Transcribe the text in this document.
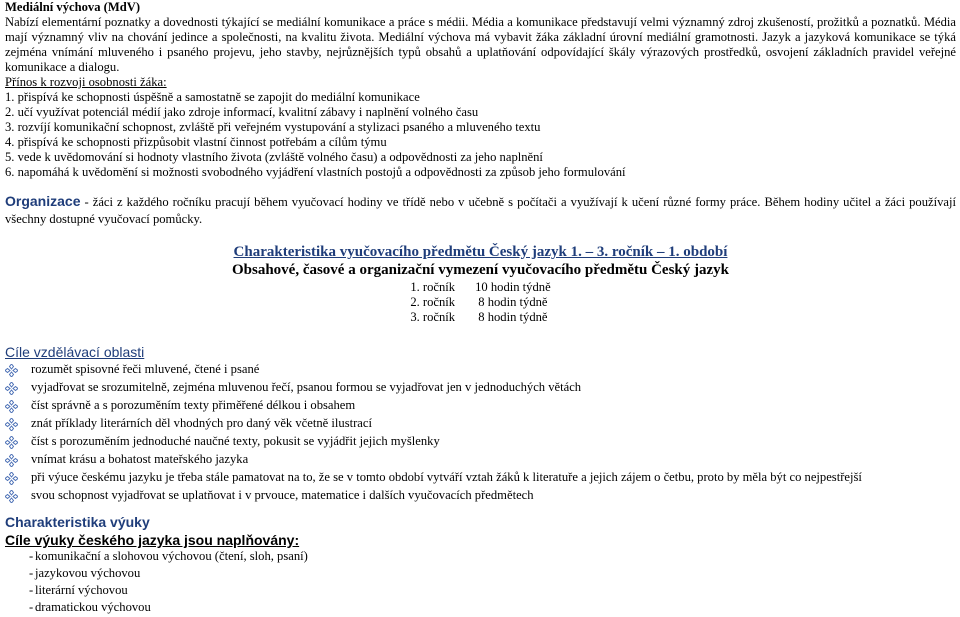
Mediální výchova (MdV)
Nabízí elementární poznatky a dovednosti týkající se mediální komunikace a práce s médii. Média a komunikace představují velmi významný zdroj zkušeností, prožitků a poznatků. Média mají významný vliv na chování jedince a společnosti, na kvalitu života. Mediální výchova má vybavit žáka základní úrovní mediální gramotnosti. Jazyk a jazyková komunikace se týká zejména vnímání mluveného i psaného projevu, jeho stavby, nejrůznějších typů obsahů a uplatňování odpovídající škály výrazových prostředků, osvojení základních pravidel veřejné komunikace a dialogu.
Přínos k rozvoji osobnosti žáka:
1. přispívá ke schopnosti úspěšně a samostatně se zapojit do mediální komunikace
2. učí využívat potenciál médií jako zdroje informací, kvalitní zábavy i naplnění volného času
3. rozvíjí komunikační schopnost, zvláště při veřejném vystupování a stylizaci psaného a mluveného textu
4. přispívá ke schopnosti přizpůsobit vlastní činnost potřebám a cílům týmu
5. vede k uvědomování si hodnoty vlastního života (zvláště volného času) a odpovědnosti za jeho naplnění
6. napomáhá k uvědomění si možnosti svobodného vyjádření vlastních postojů a odpovědnosti za způsob jeho formulování
Organizace - žáci z každého ročníku pracují během vyučovací hodiny ve třídě nebo v učebně s počítači a využívají k učení různé formy práce. Během hodiny učitel a žáci používají všechny dostupné vyučovací pomůcky.
Charakteristika vyučovacího předmětu Český jazyk 1. – 3. ročník – 1. období
Obsahové, časové a organizační vymezení vyučovacího předmětu Český jazyk
1. ročník	10 hodin týdně
2. ročník	8 hodin týdně
3. ročník	8 hodin týdně
Cíle vzdělávací oblasti
rozumět spisovné řeči mluvené, čtené i psané
vyjadřovat se srozumitelně, zejména mluvenou řečí, psanou formou se vyjadřovat jen v jednoduchých větách
číst správně a s porozuměním texty přiměřené délkou i obsahem
znát příklady literárních děl vhodných pro daný věk včetně ilustrací
číst s porozuměním jednoduché naučné texty, pokusit se vyjádřit jejich myšlenky
vnímat krásu a bohatost mateřského jazyka
při výuce českému jazyku je třeba stále pamatovat na to, že se v tomto období vytváří vztah žáků k literatuře a jejich zájem o četbu, proto by měla být co nejpestřejší
svou schopnost vyjadřovat se uplatňovat i v prvouce, matematice i dalších vyučovacích předmětech
Charakteristika výuky
Cíle výuky českého jazyka jsou naplňovány:
- komunikační a slohovou výchovou (čtení, sloh, psaní)
- jazykovou výchovou
- literární výchovou
- dramatickou výchovou
